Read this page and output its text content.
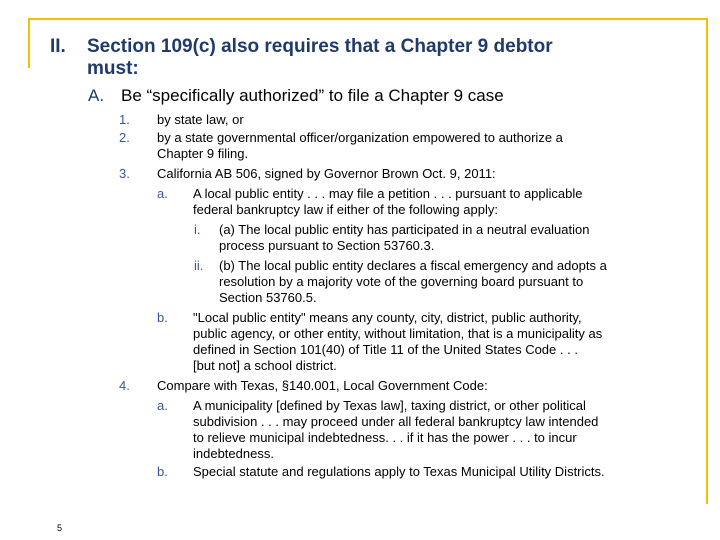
II. Section 109(c) also requires that a Chapter 9 debtor
must:
A. Be “specifically authorized” to file a Chapter 9 case
1. by state law, or
2. by a state governmental officer/organization empowered to authorize a
Chapter 9 filing.
3. California AB 506, signed by Governor Brown Oct. 9, 2011:
a. A local public entity . . . may file a petition . . . pursuant to applicable
federal bankruptcy law if either of the following apply:
i. (a) The local public entity has participated in a neutral evaluation
process pursuant to Section 53760.3.
ii. (b) The local public entity declares a fiscal emergency and adopts a
resolution by a majority vote of the governing board pursuant to
Section 53760.5.
b. "Local public entity" means any county, city, district, public authority,
public agency, or other entity, without limitation, that is a municipality as
defined in Section 101(40) of Title 11 of the United States Code . . .
[but not] a school district.
4. Compare with Texas, §140.001, Local Government Code:
a. A municipality [defined by Texas law], taxing district, or other political
subdivision . . . may proceed under all federal bankruptcy law intended
to relieve municipal indebtedness. . . if it has the power . . . to incur
indebtedness.
b. Special statute and regulations apply to Texas Municipal Utility Districts.
5
